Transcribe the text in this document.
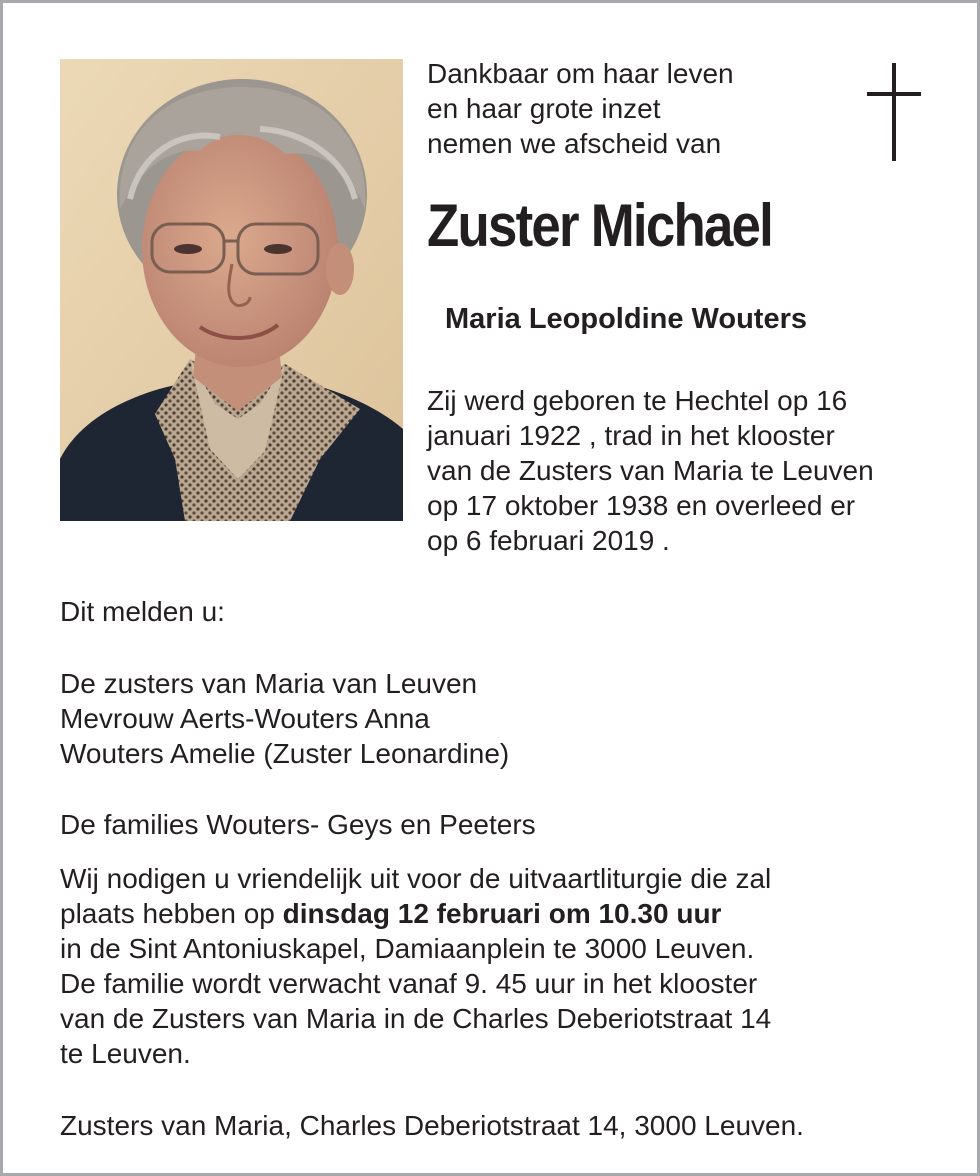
Dankbaar om haar leven
en haar grote inzet
nemen we afscheid van
Zuster Michael
Maria Leopoldine Wouters
Zij werd geboren te Hechtel op 16
januari 1922 , trad in het klooster
van de Zusters van Maria te Leuven
op 17 oktober 1938 en overleed er
op 6 februari 2019 .
Dit melden u:
De zusters van Maria van Leuven
Mevrouw Aerts-Wouters Anna
Wouters Amelie (Zuster Leonardine)
De families Wouters- Geys en Peeters
Wij nodigen u vriendelijk uit voor de uitvaartliturgie die zal
plaats hebben op dinsdag 12 februari om 10.30 uur
in de Sint Antoniuskapel, Damiaanplein te 3000 Leuven.
De familie wordt verwacht vanaf 9. 45 uur in het klooster
van de Zusters van Maria in de Charles Deberiotstraat 14
te Leuven.
Zusters van Maria, Charles Deberiotstraat 14, 3000 Leuven.
